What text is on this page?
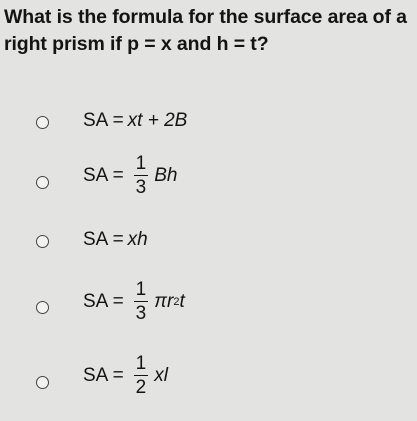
What is the formula for the surface area of a right prism if p = x and h = t?
SA = xt + 2B
SA = $\frac{1}{3}$ Bh
SA = xh
SA = $\frac{1}{3}$ πr 2 t
SA = $\frac{1}{2}$ xl
